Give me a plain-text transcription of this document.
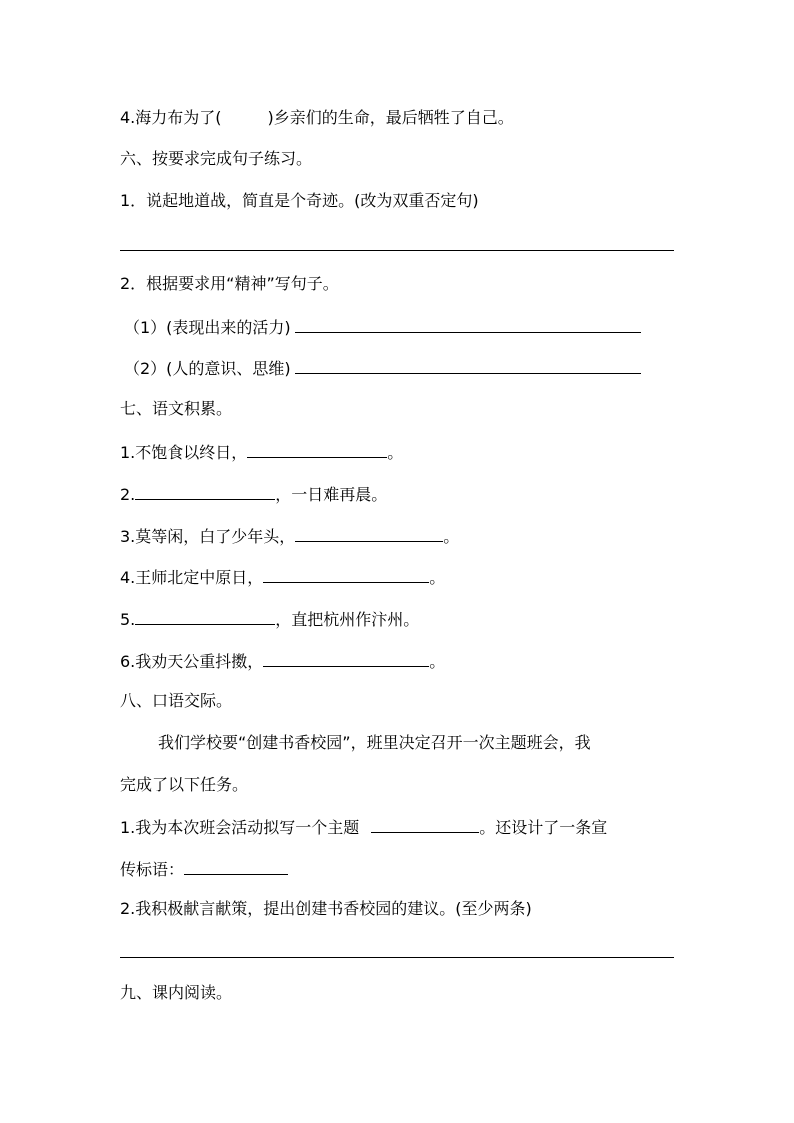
4.海力布为了(	)乡亲们的生命，最后牺牲了自己。
六、按要求完成句子练习。
1．说起地道战，简直是个奇迹。(改为双重否定句)
2．根据要求用“精神”写句子。
（1）(表现出来的活力)
（2）(人的意识、思维)
七、语文积累。
1.不饱食以终日，	。
2.	，一日难再晨。
3.莫等闲，白了少年头，	。
4.王师北定中原日，	。
5.	，直把杭州作汴州。
6.我劝天公重抖擞，	。
八、口语交际。
我们学校要“创建书香校园”，班里决定召开一次主题班会，我
完成了以下任务。
1.我为本次班会活动拟写一个主题	。还设计了一条宣
传标语：
2.我积极献言献策，提出创建书香校园的建议。(至少两条)
九、课内阅读。
